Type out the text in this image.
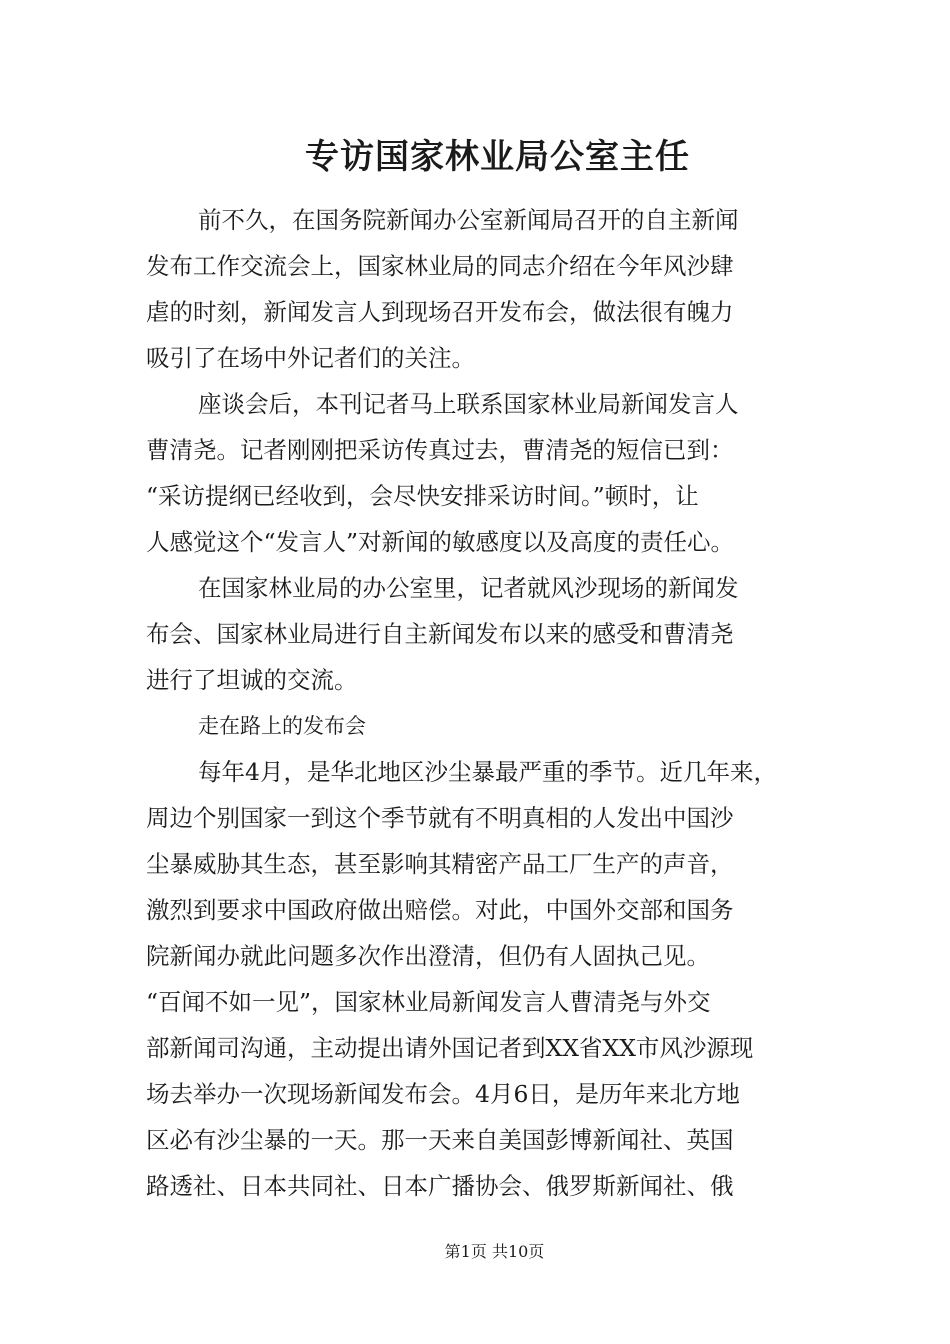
专访国家林业局公室主任
前不久，在国务院新闻办公室新闻局召开的自主新闻
发布工作交流会上，国家林业局的同志介绍在今年风沙肆
虐的时刻，新闻发言人到现场召开发布会，做法很有魄力
吸引了在场中外记者们的关注。
座谈会后，本刊记者马上联系国家林业局新闻发言人
曹清尧。记者刚刚把采访传真过去，曹清尧的短信已到：
“采访提纲已经收到，会尽快安排采访时间。”顿时，让
人感觉这个“发言人”对新闻的敏感度以及高度的责任心。
在国家林业局的办公室里，记者就风沙现场的新闻发
布会、国家林业局进行自主新闻发布以来的感受和曹清尧
进行了坦诚的交流。
走在路上的发布会
每年4月，是华北地区沙尘暴最严重的季节。近几年来，
周边个别国家一到这个季节就有不明真相的人发出中国沙
尘暴威胁其生态，甚至影响其精密产品工厂生产的声音，
激烈到要求中国政府做出赔偿。对此，中国外交部和国务
院新闻办就此问题多次作出澄清，但仍有人固执己见。
“百闻不如一见”，国家林业局新闻发言人曹清尧与外交
部新闻司沟通，主动提出请外国记者到XX省XX市风沙源现
场去举办一次现场新闻发布会。4月6日，是历年来北方地
区必有沙尘暴的一天。那一天来自美国彭博新闻社、英国
路透社、日本共同社、日本广播协会、俄罗斯新闻社、俄
第1页 共10页
